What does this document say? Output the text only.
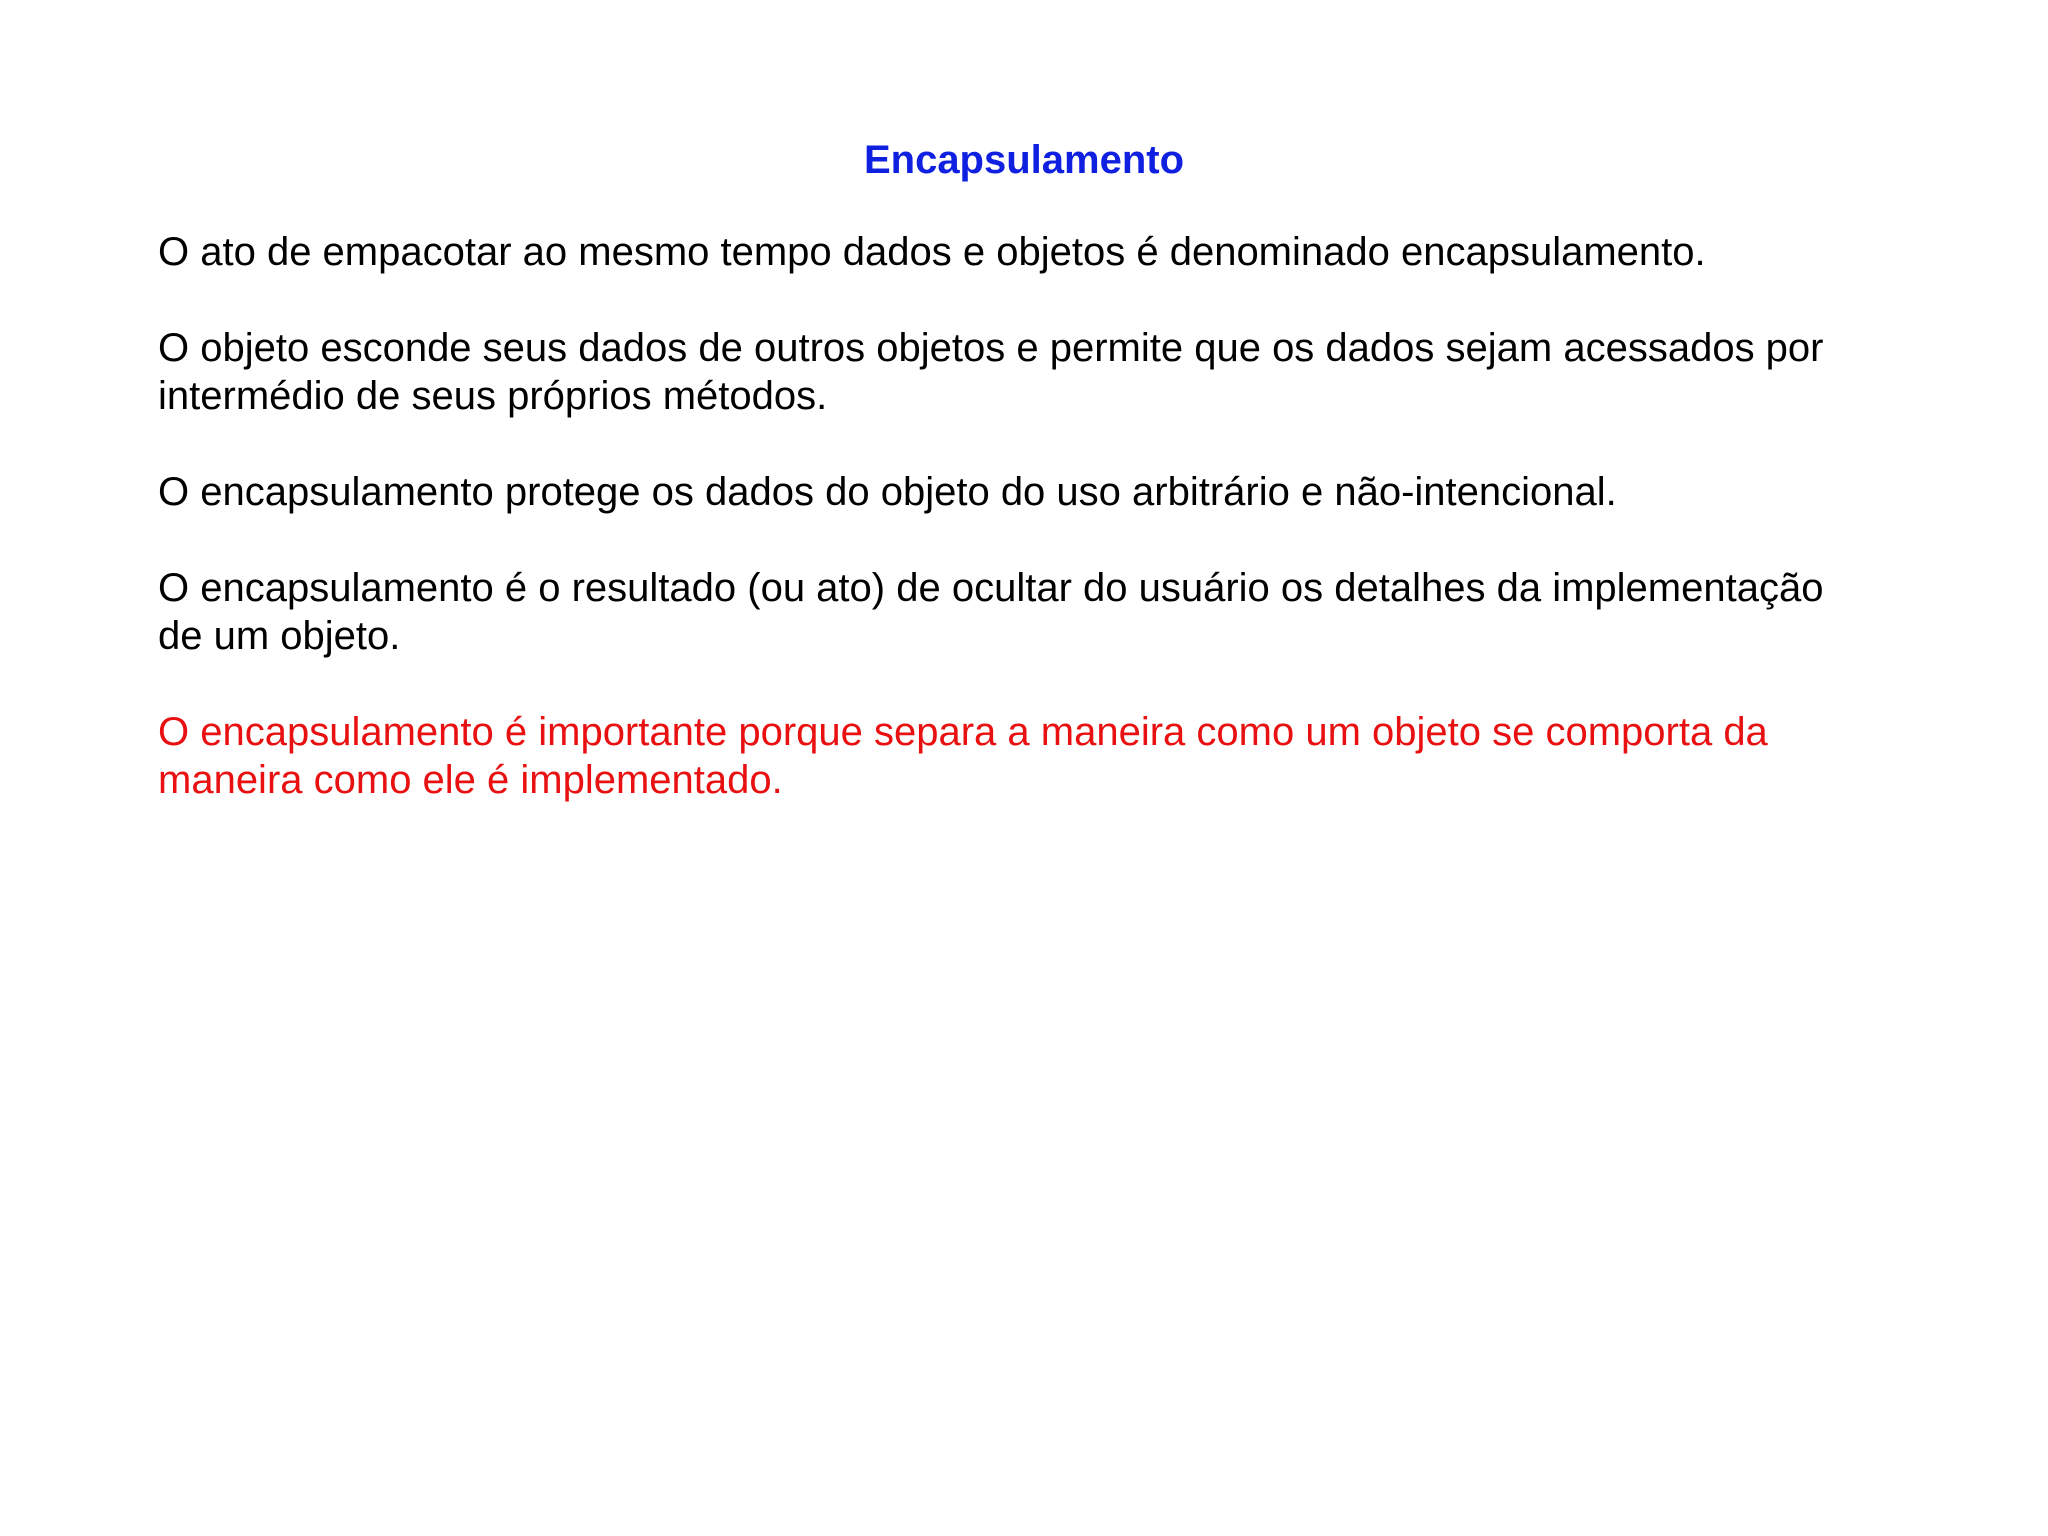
Encapsulamento

O ato de empacotar ao mesmo tempo dados e objetos é denominado encapsulamento.

O objeto esconde seus dados de outros objetos e permite que os dados sejam acessados por
intermédio de seus próprios métodos.

O encapsulamento protege os dados do objeto do uso arbitrário e não-intencional.

O encapsulamento é o resultado (ou ato) de ocultar do usuário os detalhes da implementação
de um objeto.

O encapsulamento é importante porque separa a maneira como um objeto se comporta da
maneira como ele é implementado.
